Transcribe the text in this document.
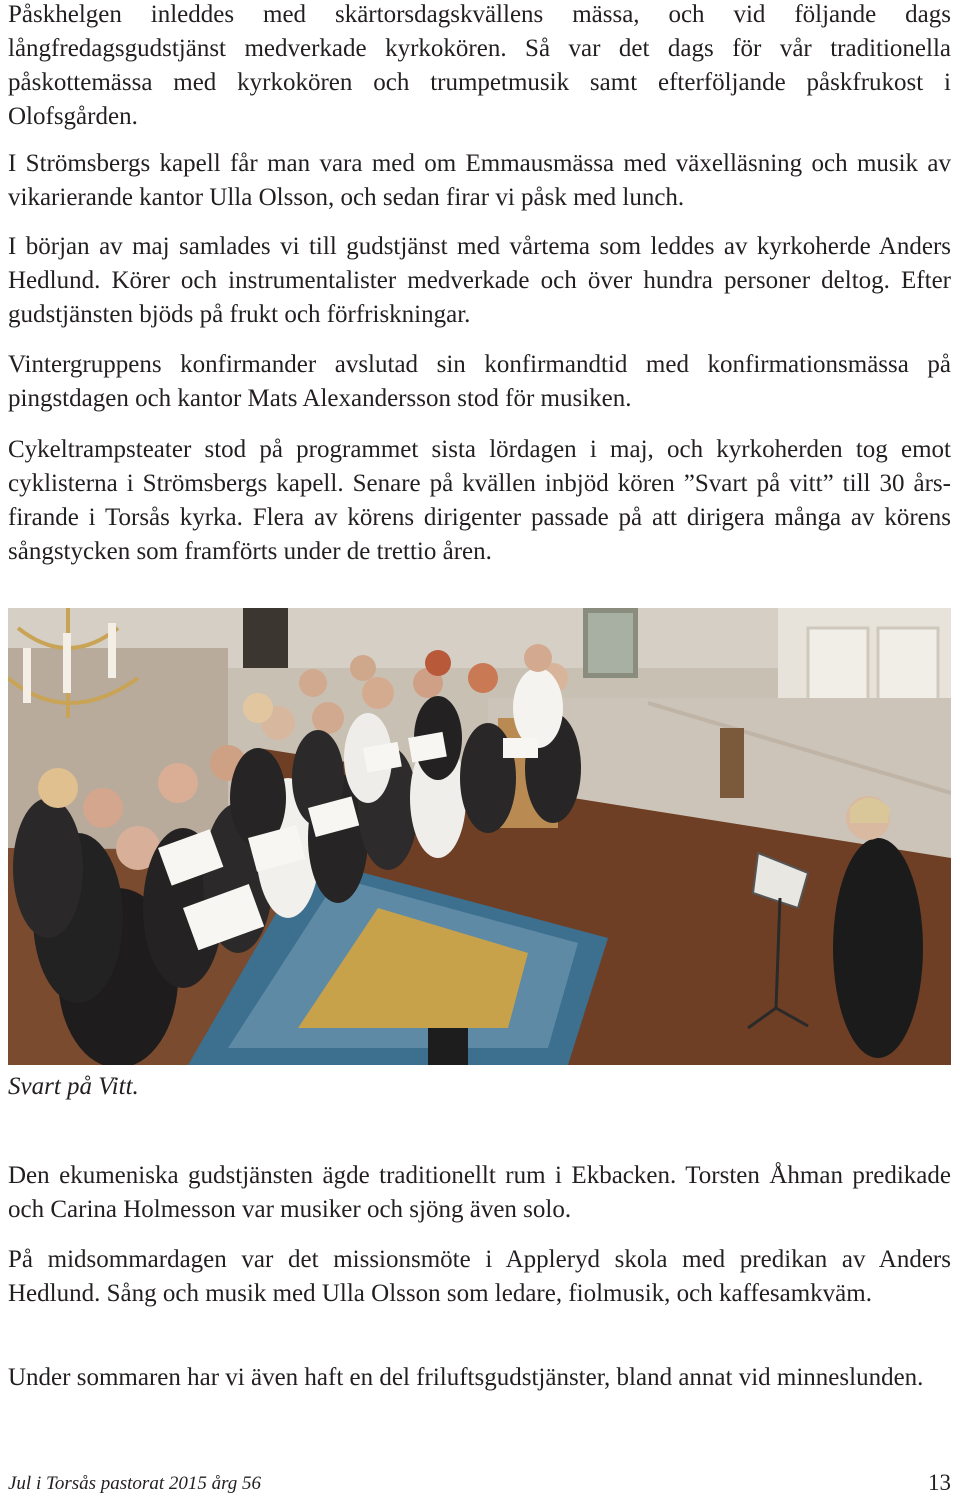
Påskhelgen inleddes med skärtorsdagskvällens mässa, och vid följande dags långfredagsgudstjänst medverkade kyrkokören. Så var det dags för vår traditionella påskottemässa med kyrkokören och trumpetmusik samt efterföljande påskfrukost i Olofsgården.

I Strömsbergs kapell får man vara med om Emmausmässa med växelläsning och musik av vikarierande kantor Ulla Olsson, och sedan firar vi påsk med lunch.

I början av maj samlades vi till gudstjänst med vårtema som leddes av kyrkoherde Anders Hedlund. Körer och instrumentalister medverkade och över hundra personer deltog. Efter gudstjänsten bjöds på frukt och förfriskningar.

Vintergruppens konfirmander avslutad sin konfirmandtid med konfirmationsmässa på pingstdagen och kantor Mats Alexandersson stod för musiken.

Cykeltrampsteater stod på programmet sista lördagen i maj, och kyrkoherden tog emot cyklisterna i Strömsbergs kapell. Senare på kvällen inbjöd kören ”Svart på vitt” till 30 års- firande i Torsås kyrka. Flera av körens dirigenter passade på att dirigera många av körens sångstycken som framförts under de trettio åren.

Svart på Vitt.

Den ekumeniska gudstjänsten ägde traditionellt rum i Ekbacken. Torsten Åhman predikade och Carina Holmesson var musiker och sjöng även solo.

På midsommardagen var det missionsmöte i Appleryd skola med predikan av Anders Hedlund. Sång och musik med Ulla Olsson som ledare, fiolmusik, och kaffesamkväm.

Under sommaren har vi även haft en del friluftsgudstjänster, bland annat vid minneslunden.

Jul i Torsås pastorat 2015 årg 56	13
